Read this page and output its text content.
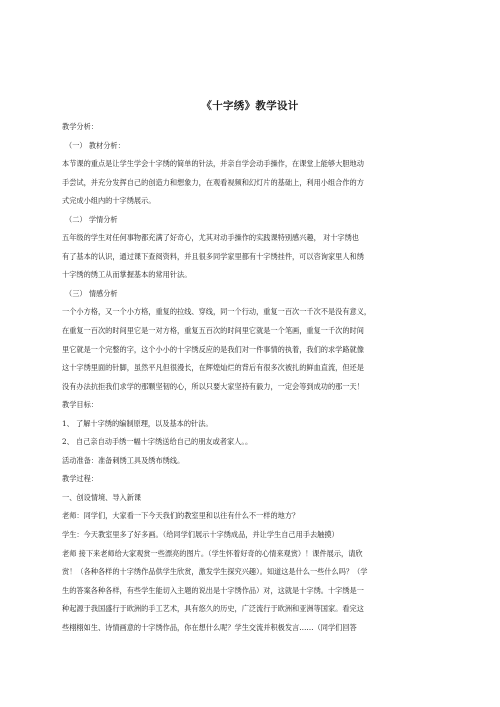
《十字绣》教学设计
教学分析：
（一） 教材分析：
本节课的重点是让学生学会十字绣的简单的针法，并亲自学会动手操作，在课堂上能够大胆地动
手尝试，并充分发挥自己的创造力和想象力，在观看视频和幻灯片的基础上，利用小组合作的方
式完成小组内的十字绣展示。
（二） 学情分析
五年级的学生对任何事物都充满了好奇心，尤其对动手操作的实践课特别感兴趣， 对十字绣也
有了基本的认识，通过课下查阅资料，并且很多同学家里都有十字绣挂件，可以咨询家里人和绣
十字绣的绣工从而掌握基本的常用针法。
（三） 情感分析
一个小方格，又一个小方格，重复的拉线、穿线，同一个行动，重复一百次一千次不是没有意义，
在重复一百次的时间里它是一对方格，重复五百次的时间里它就是一个笔画，重复一千次的时间
里它就是一个完整的字，这个小小的十字绣反应的是我们对一件事情的执着，我们的求学路就像
这十字绣里面的针脚，虽然平凡但很漫长，在辉煌灿烂的背后有很多次被扎的鲜血直流，但还是
没有办法抗拒我们求学的那颗坚韧的心，所以只要大家坚持有毅力，一定会等到成功的那一天！
教学目标：
1、 了解十字绣的编制原理，以及基本的针法。
2、 自己亲自动手绣一幅十字绣送给自己的朋友或者家人。。
活动准备：准备刺绣工具及绣布绣线。
教学过程：
一、创设情境、导入新课
老师：同学们，大家看一下今天我们的教室里和以往有什么不一样的地方？
学生：今天教室里多了好多画。（给同学们展示十字绣成品，并让学生自己用手去触摸）
老师 接下来老师给大家观赏一些漂亮的图片。（学生怀着好奇的心情来观赏）！课件展示，请欣
赏！（各种各样的十字绣作品供学生欣赏，激发学生探究兴趣）。知道这是什么一些什么吗？（学
生的答案各种各样，有些学生能切入主题的说出是十字绣作品）对，这就是十字绣。十字绣是一
种起源于我国盛行于欧洲的手工艺术，具有悠久的历史，广泛流行于欧洲和亚洲等国家。看完这
些栩栩如生、诗情画意的十字绣作品，你在想什么呢？学生交流并积极发言……（同学们回答
